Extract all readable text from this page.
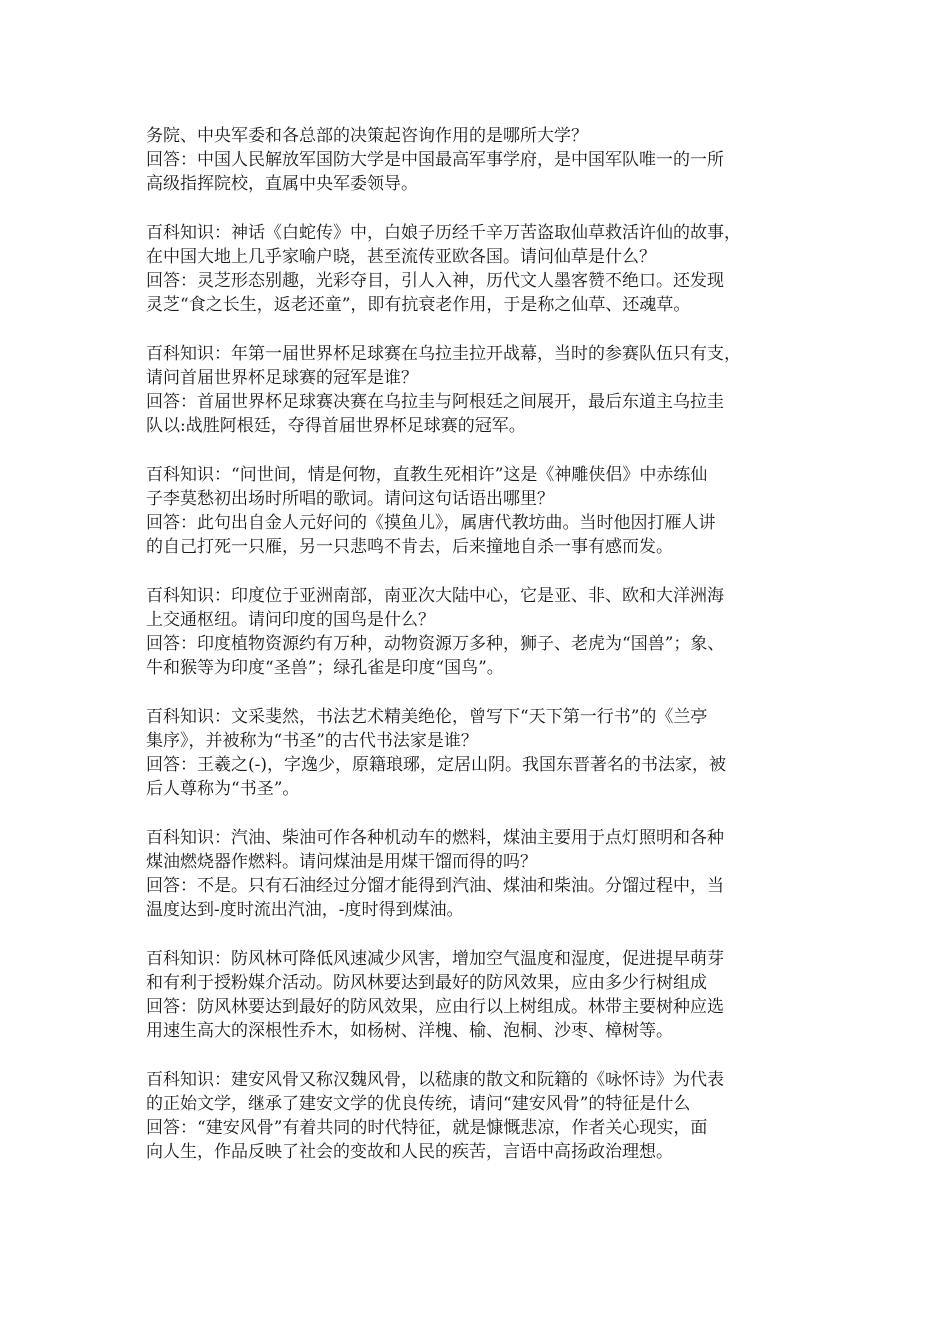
务院、中央军委和各总部的决策起咨询作用的是哪所大学？
回答：中国人民解放军国防大学是中国最高军事学府，是中国军队唯一的一所
高级指挥院校，直属中央军委领导。

百科知识：神话《白蛇传》中，白娘子历经千辛万苦盗取仙草救活许仙的故事，
在中国大地上几乎家喻户晓，甚至流传亚欧各国。请问仙草是什么？
回答：灵芝形态别趣，光彩夺目，引人入神，历代文人墨客赞不绝口。还发现
灵芝“食之长生，返老还童”，即有抗衰老作用，于是称之仙草、还魂草。

百科知识：年第一届世界杯足球赛在乌拉圭拉开战幕，当时的参赛队伍只有支，
请问首届世界杯足球赛的冠军是谁？
回答：首届世界杯足球赛决赛在乌拉圭与阿根廷之间展开，最后东道主乌拉圭
队以:战胜阿根廷，夺得首届世界杯足球赛的冠军。

百科知识：“问世间，情是何物，直教生死相许”这是《神雕侠侣》中赤练仙
子李莫愁初出场时所唱的歌词。请问这句话语出哪里？
回答：此句出自金人元好问的《摸鱼儿》，属唐代教坊曲。当时他因打雁人讲
的自己打死一只雁，另一只悲鸣不肯去，后来撞地自杀一事有感而发。

百科知识：印度位于亚洲南部，南亚次大陆中心，它是亚、非、欧和大洋洲海
上交通枢纽。请问印度的国鸟是什么？
回答：印度植物资源约有万种，动物资源万多种，狮子、老虎为“国兽”；象、
牛和猴等为印度“圣兽”；绿孔雀是印度“国鸟”。

百科知识：文采斐然，书法艺术精美绝伦，曾写下“天下第一行书”的《兰亭
集序》，并被称为“书圣”的古代书法家是谁？
回答：王羲之(-)，字逸少，原籍琅琊，定居山阴。我国东晋著名的书法家，被
后人尊称为“书圣”。

百科知识：汽油、柴油可作各种机动车的燃料，煤油主要用于点灯照明和各种
煤油燃烧器作燃料。请问煤油是用煤干馏而得的吗？
回答：不是。只有石油经过分馏才能得到汽油、煤油和柴油。分馏过程中，当
温度达到-度时流出汽油，-度时得到煤油。

百科知识：防风林可降低风速减少风害，增加空气温度和湿度，促进提早萌芽
和有利于授粉媒介活动。防风林要达到最好的防风效果，应由多少行树组成
回答：防风林要达到最好的防风效果，应由行以上树组成。林带主要树种应选
用速生高大的深根性乔木，如杨树、洋槐、榆、泡桐、沙枣、樟树等。

百科知识：建安风骨又称汉魏风骨，以嵇康的散文和阮籍的《咏怀诗》为代表
的正始文学，继承了建安文学的优良传统，请问“建安风骨”的特征是什么
回答：“建安风骨”有着共同的时代特征，就是慷慨悲凉，作者关心现实，面
向人生，作品反映了社会的变故和人民的疾苦，言语中高扬政治理想。
